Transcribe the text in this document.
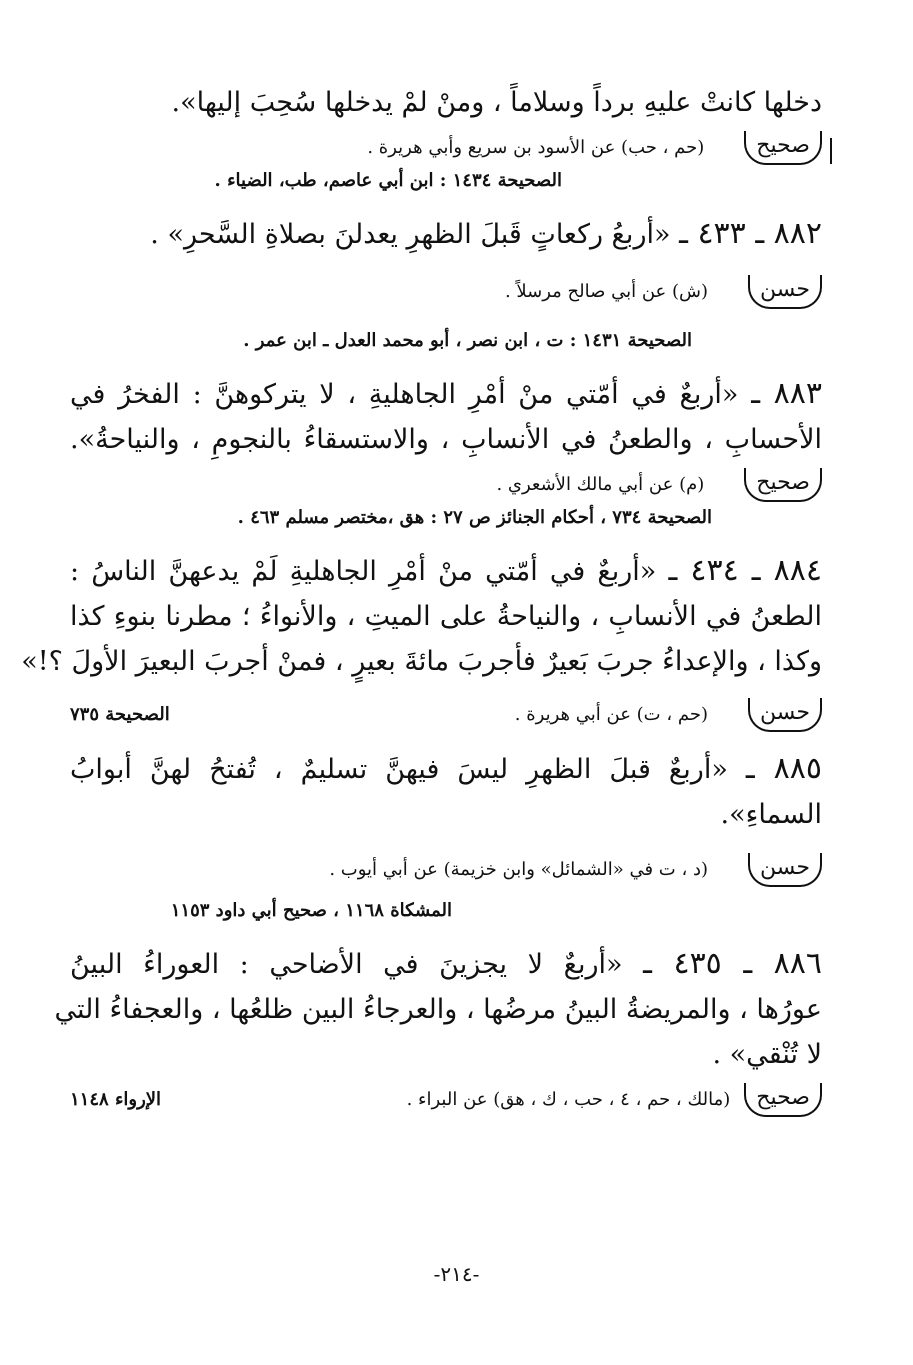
دخلها كانتْ عليهِ برداً وسلاماً ، ومنْ لمْ يدخلها سُحِبَ إليها».
صحيح
(حم ، حب) عن الأسود بن سريع وأبي هريرة .
الصحيحة ١٤٣٤ : ابن أبي عاصم، طب، الضياء .
٨٨٢ ـ ٤٣٣ ـ «أربعُ ركعاتٍ قَبلَ الظهرِ يعدلنَ بصلاةِ السَّحرِ» .
حسن
(ش) عن أبي صالح مرسلاً .
الصحيحة ١٤٣١ : ت ، ابن نصر ، أبو محمد العدل ـ ابن عمر .
٨٨٣ ـ «أربعٌ في أمّتي منْ أمْرِ الجاهليةِ ، لا يتركوهنَّ : الفخرُ في
الأحسابِ ، والطعنُ في الأنسابِ ، والاستسقاءُ بالنجومِ ، والنياحةُ».
صحيح
(م) عن أبي مالك الأشعري .
الصحيحة ٧٣٤ ، أحكام الجنائز ص ٢٧ : هق ،مختصر مسلم ٤٦٣ .
٨٨٤ ـ ٤٣٤ ـ «أربعٌ في أمّتي منْ أمْرِ الجاهليةِ لَمْ يدعهنَّ الناسُ :
الطعنُ في الأنسابِ ، والنياحةُ على الميتِ ، والأنواءُ ؛ مطرنا بنوءِ كذا
وكذا ، والإعداءُ جربَ بَعيرٌ فأجربَ مائةَ بعيرٍ ، فمنْ أجربَ البعيرَ الأولَ ؟!»
حسن
(حم ، ت) عن أبي هريرة .
الصحيحة ٧٣٥
٨٨٥ ـ «أربعٌ قبلَ الظهرِ ليسَ فيهنَّ تسليمٌ ، تُفتحُ لهنَّ أبوابُ
السماءِ».
حسن
(د ، ت في «الشمائل» وابن خزيمة) عن أبي أيوب .
المشكاة ١١٦٨ ، صحيح أبي داود ١١٥٣
٨٨٦ ـ ٤٣٥ ـ «أربعٌ لا يجزينَ في الأضاحي : العوراءُ البينُ
عورُها ، والمريضةُ البينُ مرضُها ، والعرجاءُ البين ظلعُها ، والعجفاءُ التي
لا تُنْقي» .
صحيح
(مالك ، حم ، ٤ ، حب ، ك ، هق) عن البراء .
الإرواء ١١٤٨
-٢١٤-
